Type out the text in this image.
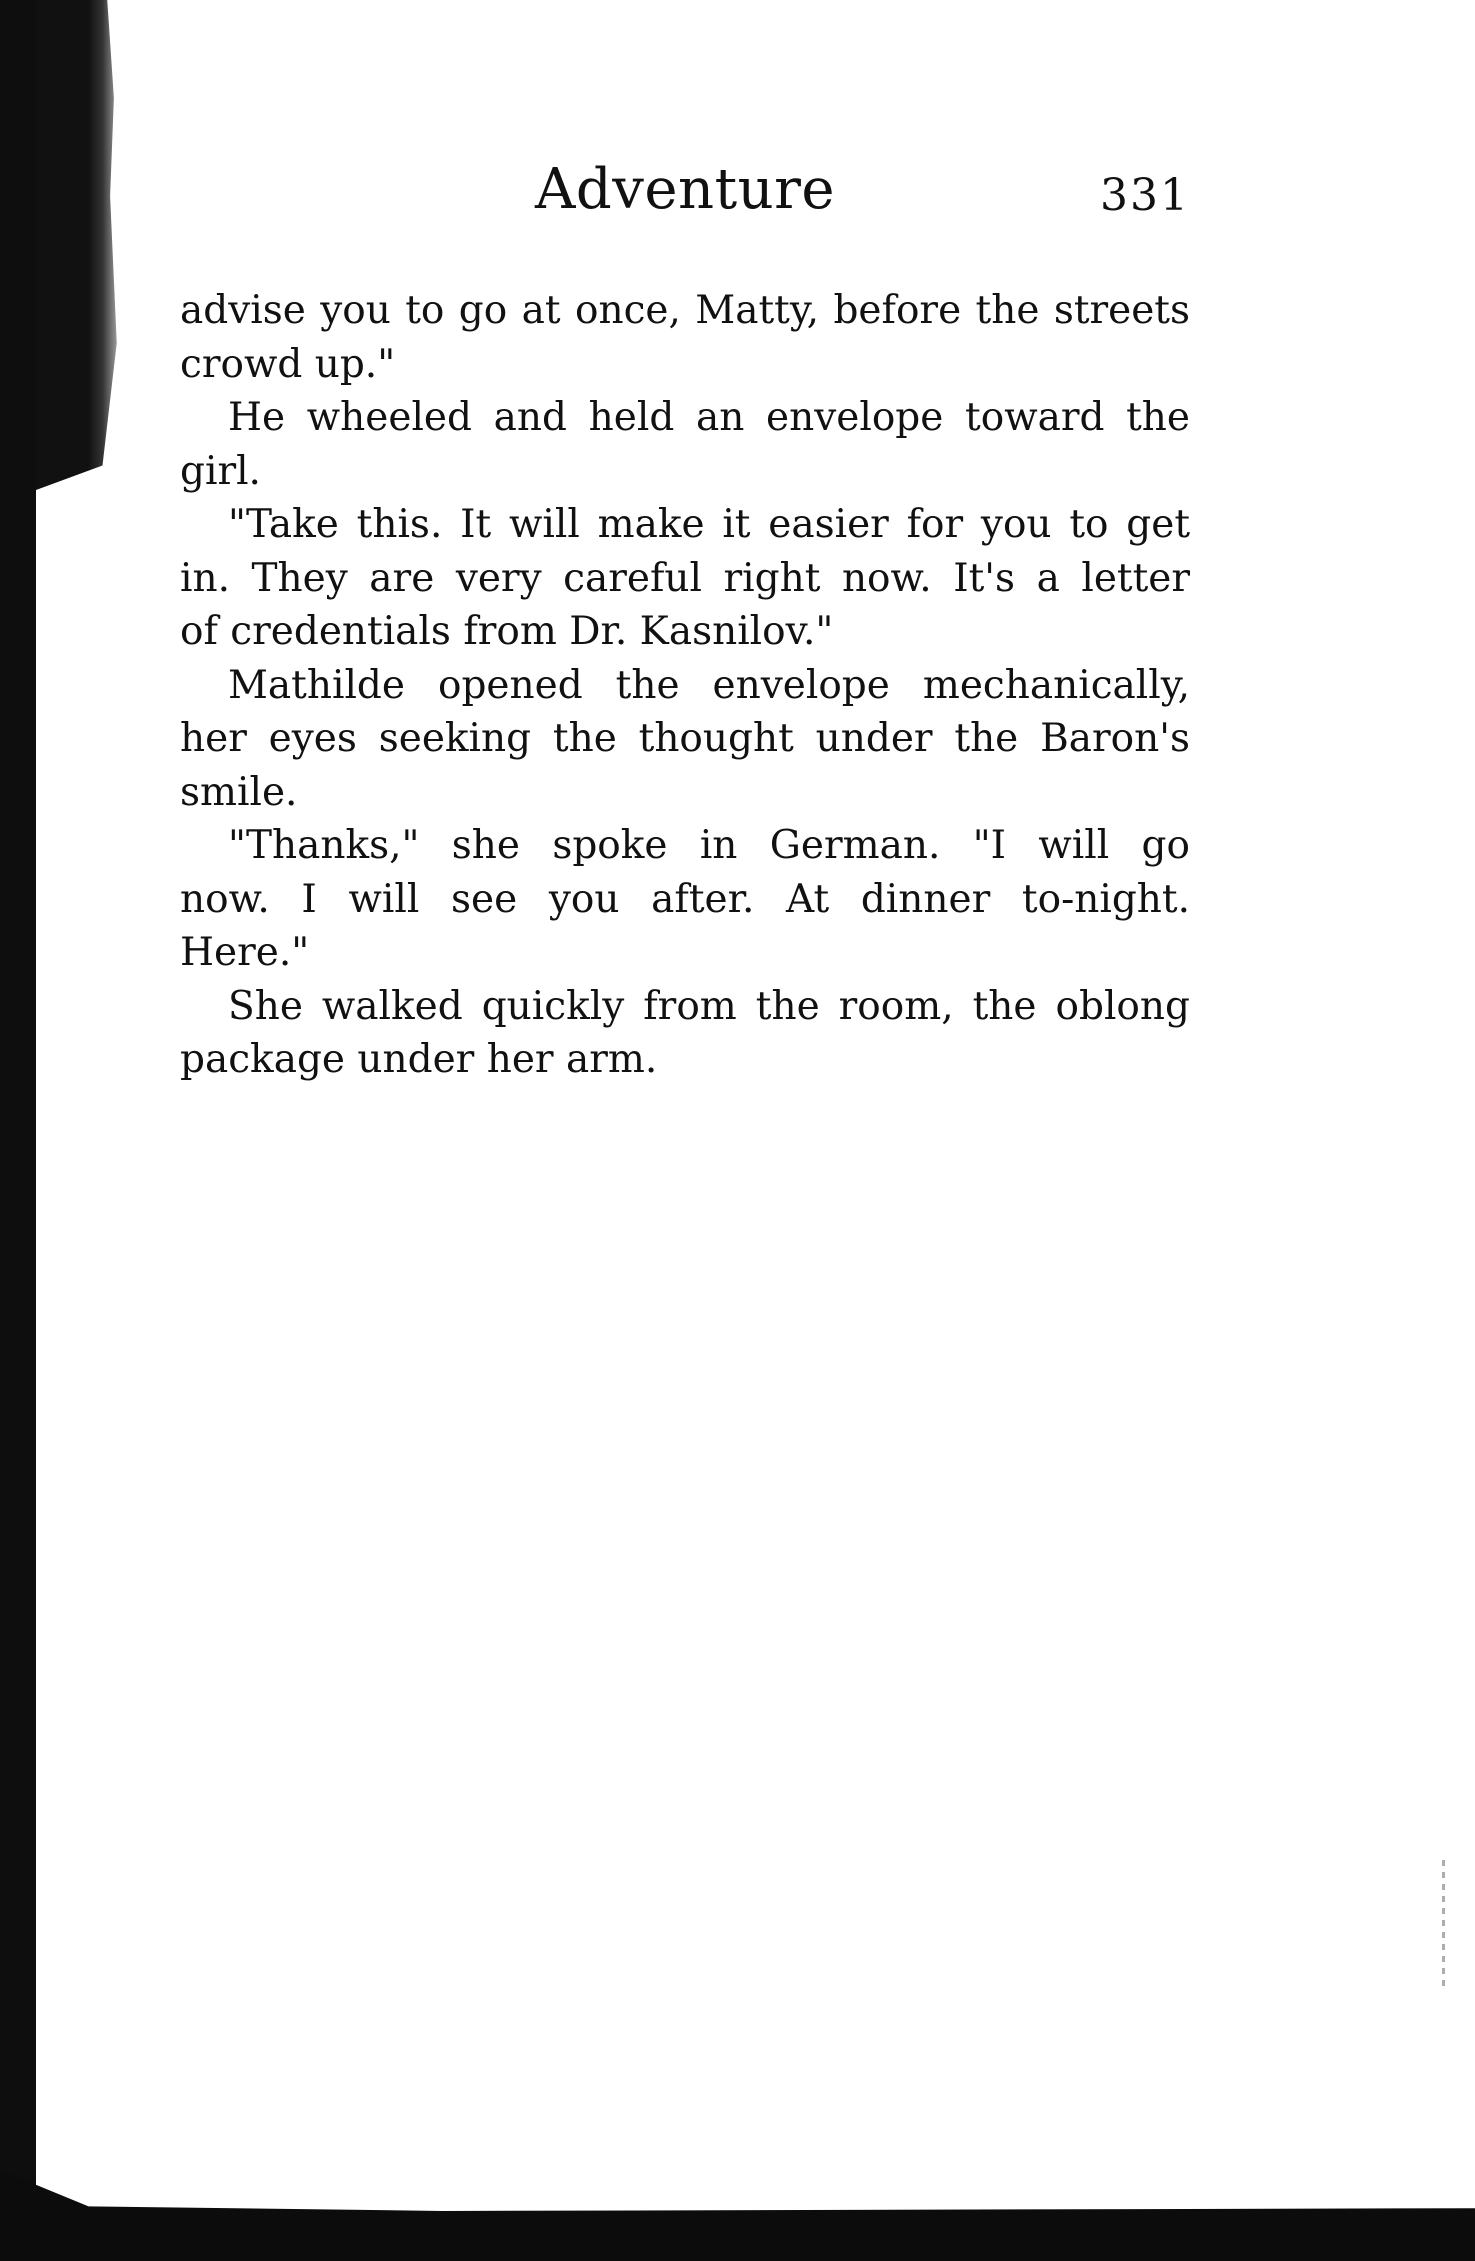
Adventure	331
advise you to go at once, Matty, before the streets
crowd up."
He wheeled and held an envelope toward the
girl.
"Take this. It will make it easier for you to get
in. They are very careful right now. It's a letter
of credentials from Dr. Kasnilov."
Mathilde opened the envelope mechanically,
her eyes seeking the thought under the Baron's
smile.
"Thanks," she spoke in German. "I will go
now. I will see you after. At dinner to-night.
Here."
She walked quickly from the room, the oblong
package under her arm.
